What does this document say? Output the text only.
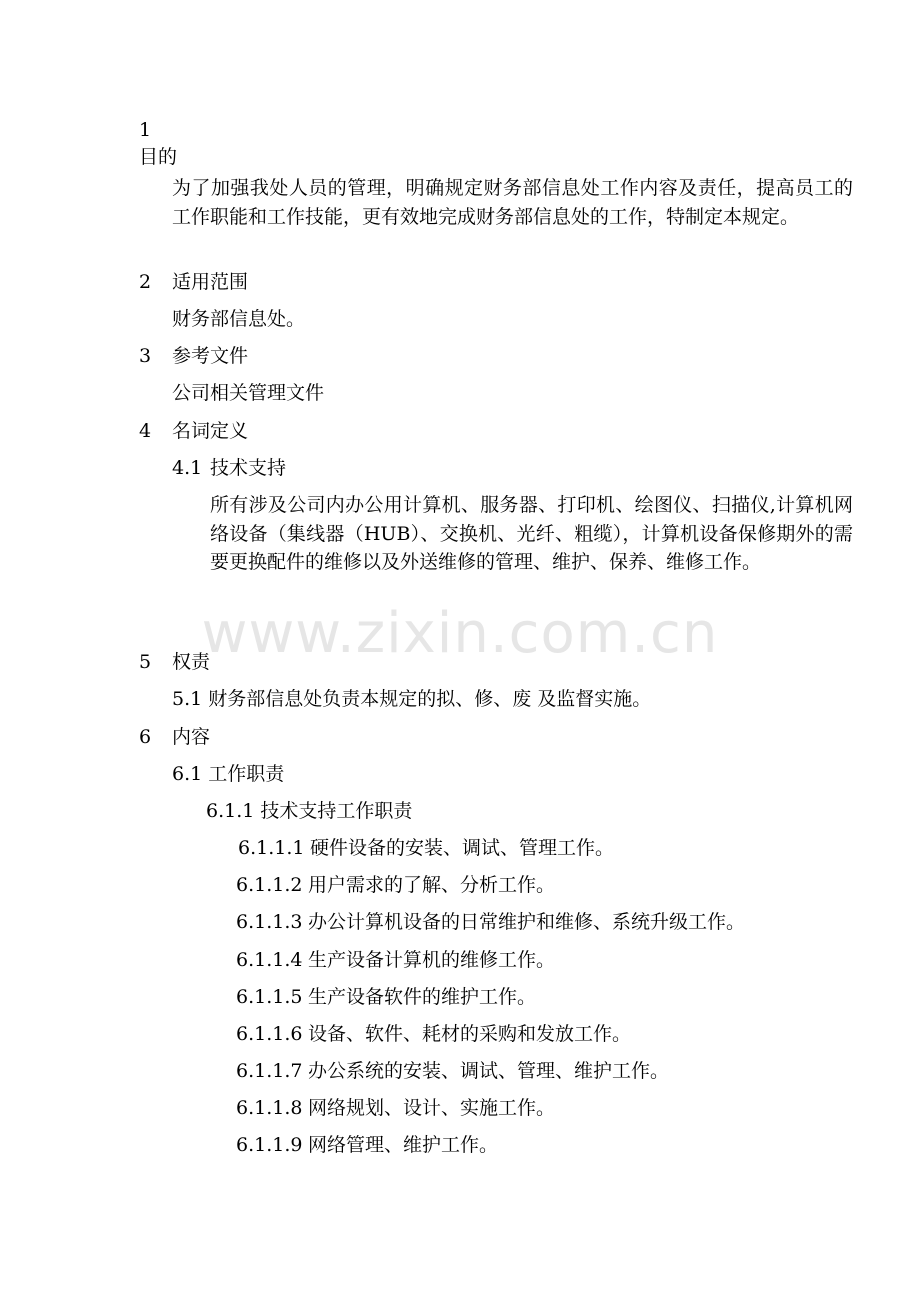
www.zixin.com.cn
1
目的
为了加强我处人员的管理，明确规定财务部信息处工作内容及责任，提高员工的工作职能和工作技能，更有效地完成财务部信息处的工作，特制定本规定。
2 适用范围
财务部信息处。
3 参考文件
公司相关管理文件
4 名词定义
4.1 技术支持
所有涉及公司内办公用计算机、服务器、打印机、绘图仪、扫描仪,计算机网络设备（集线器（HUB）、交换机、光纤、粗缆），计算机设备保修期外的需要更换配件的维修以及外送维修的管理、维护、保养、维修工作。
5 权责
5.1 财务部信息处负责本规定的拟、修、废 及监督实施。
6 内容
6.1 工作职责
6.1.1 技术支持工作职责
6.1.1.1 硬件设备的安装、调试、管理工作。
6.1.1.2 用户需求的了解、分析工作。
6.1.1.3 办公计算机设备的日常维护和维修、系统升级工作。
6.1.1.4 生产设备计算机的维修工作。
6.1.1.5 生产设备软件的维护工作。
6.1.1.6 设备、软件、耗材的采购和发放工作。
6.1.1.7 办公系统的安装、调试、管理、维护工作。
6.1.1.8 网络规划、设计、实施工作。
6.1.1.9 网络管理、维护工作。
